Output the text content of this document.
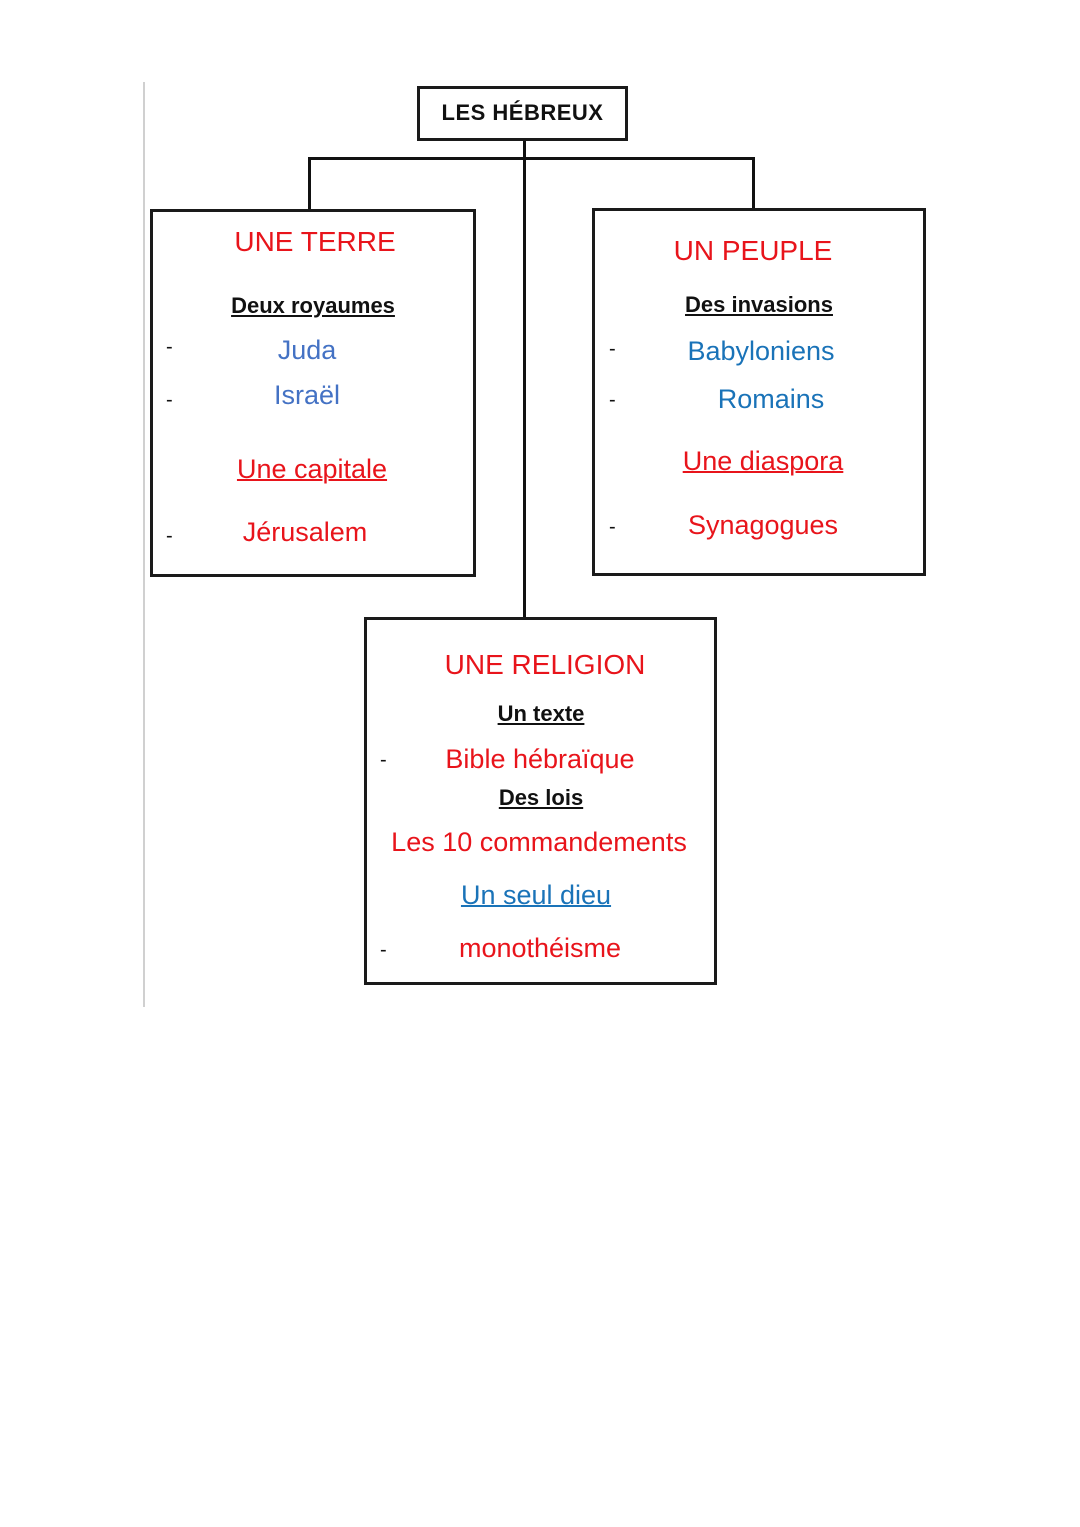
LES HÉBREUX
UNE TERRE
Deux royaumes
-	Juda
-	Israël
Une capitale
-	Jérusalem
UN PEUPLE
Des invasions
-	Babyloniens
-	Romains
Une diaspora
-	Synagogues
UNE RELIGION
Un texte
- Bible hébraïque
Des lois
Les 10 commandements
Un seul dieu
-	monothéisme
